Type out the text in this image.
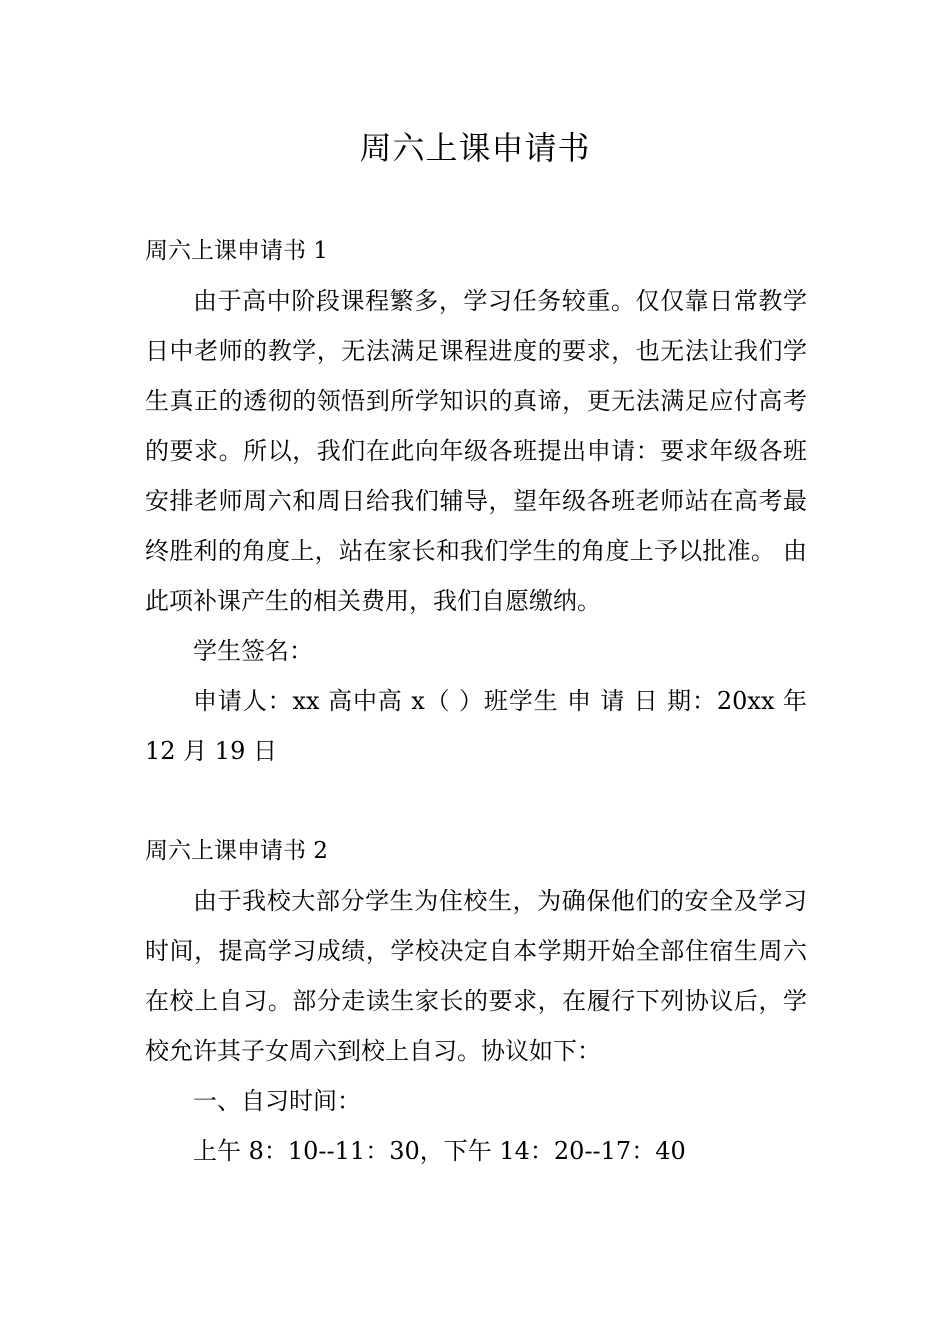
周六上课申请书

周六上课申请书 1

由于高中阶段课程繁多，学习任务较重。仅仅靠日常教学日中老师的教学，无法满足课程进度的要求，也无法让我们学生真正的透彻的领悟到所学知识的真谛，更无法满足应付高考的要求。所以，我们在此向年级各班提出申请：要求年级各班安排老师周六和周日给我们辅导，望年级各班老师站在高考最终胜利的角度上，站在家长和我们学生的角度上予以批准。 由此项补课产生的相关费用，我们自愿缴纳。

学生签名：

申请人：xx 高中高 x（ ）班学生 申 请 日 期：20xx 年 12 月 19 日

周六上课申请书 2

由于我校大部分学生为住校生，为确保他们的安全及学习时间，提高学习成绩，学校决定自本学期开始全部住宿生周六在校上自习。部分走读生家长的要求，在履行下列协议后，学校允许其子女周六到校上自习。协议如下：

一、自习时间：

上午 8：10--11：30，下午 14：20--17：40
